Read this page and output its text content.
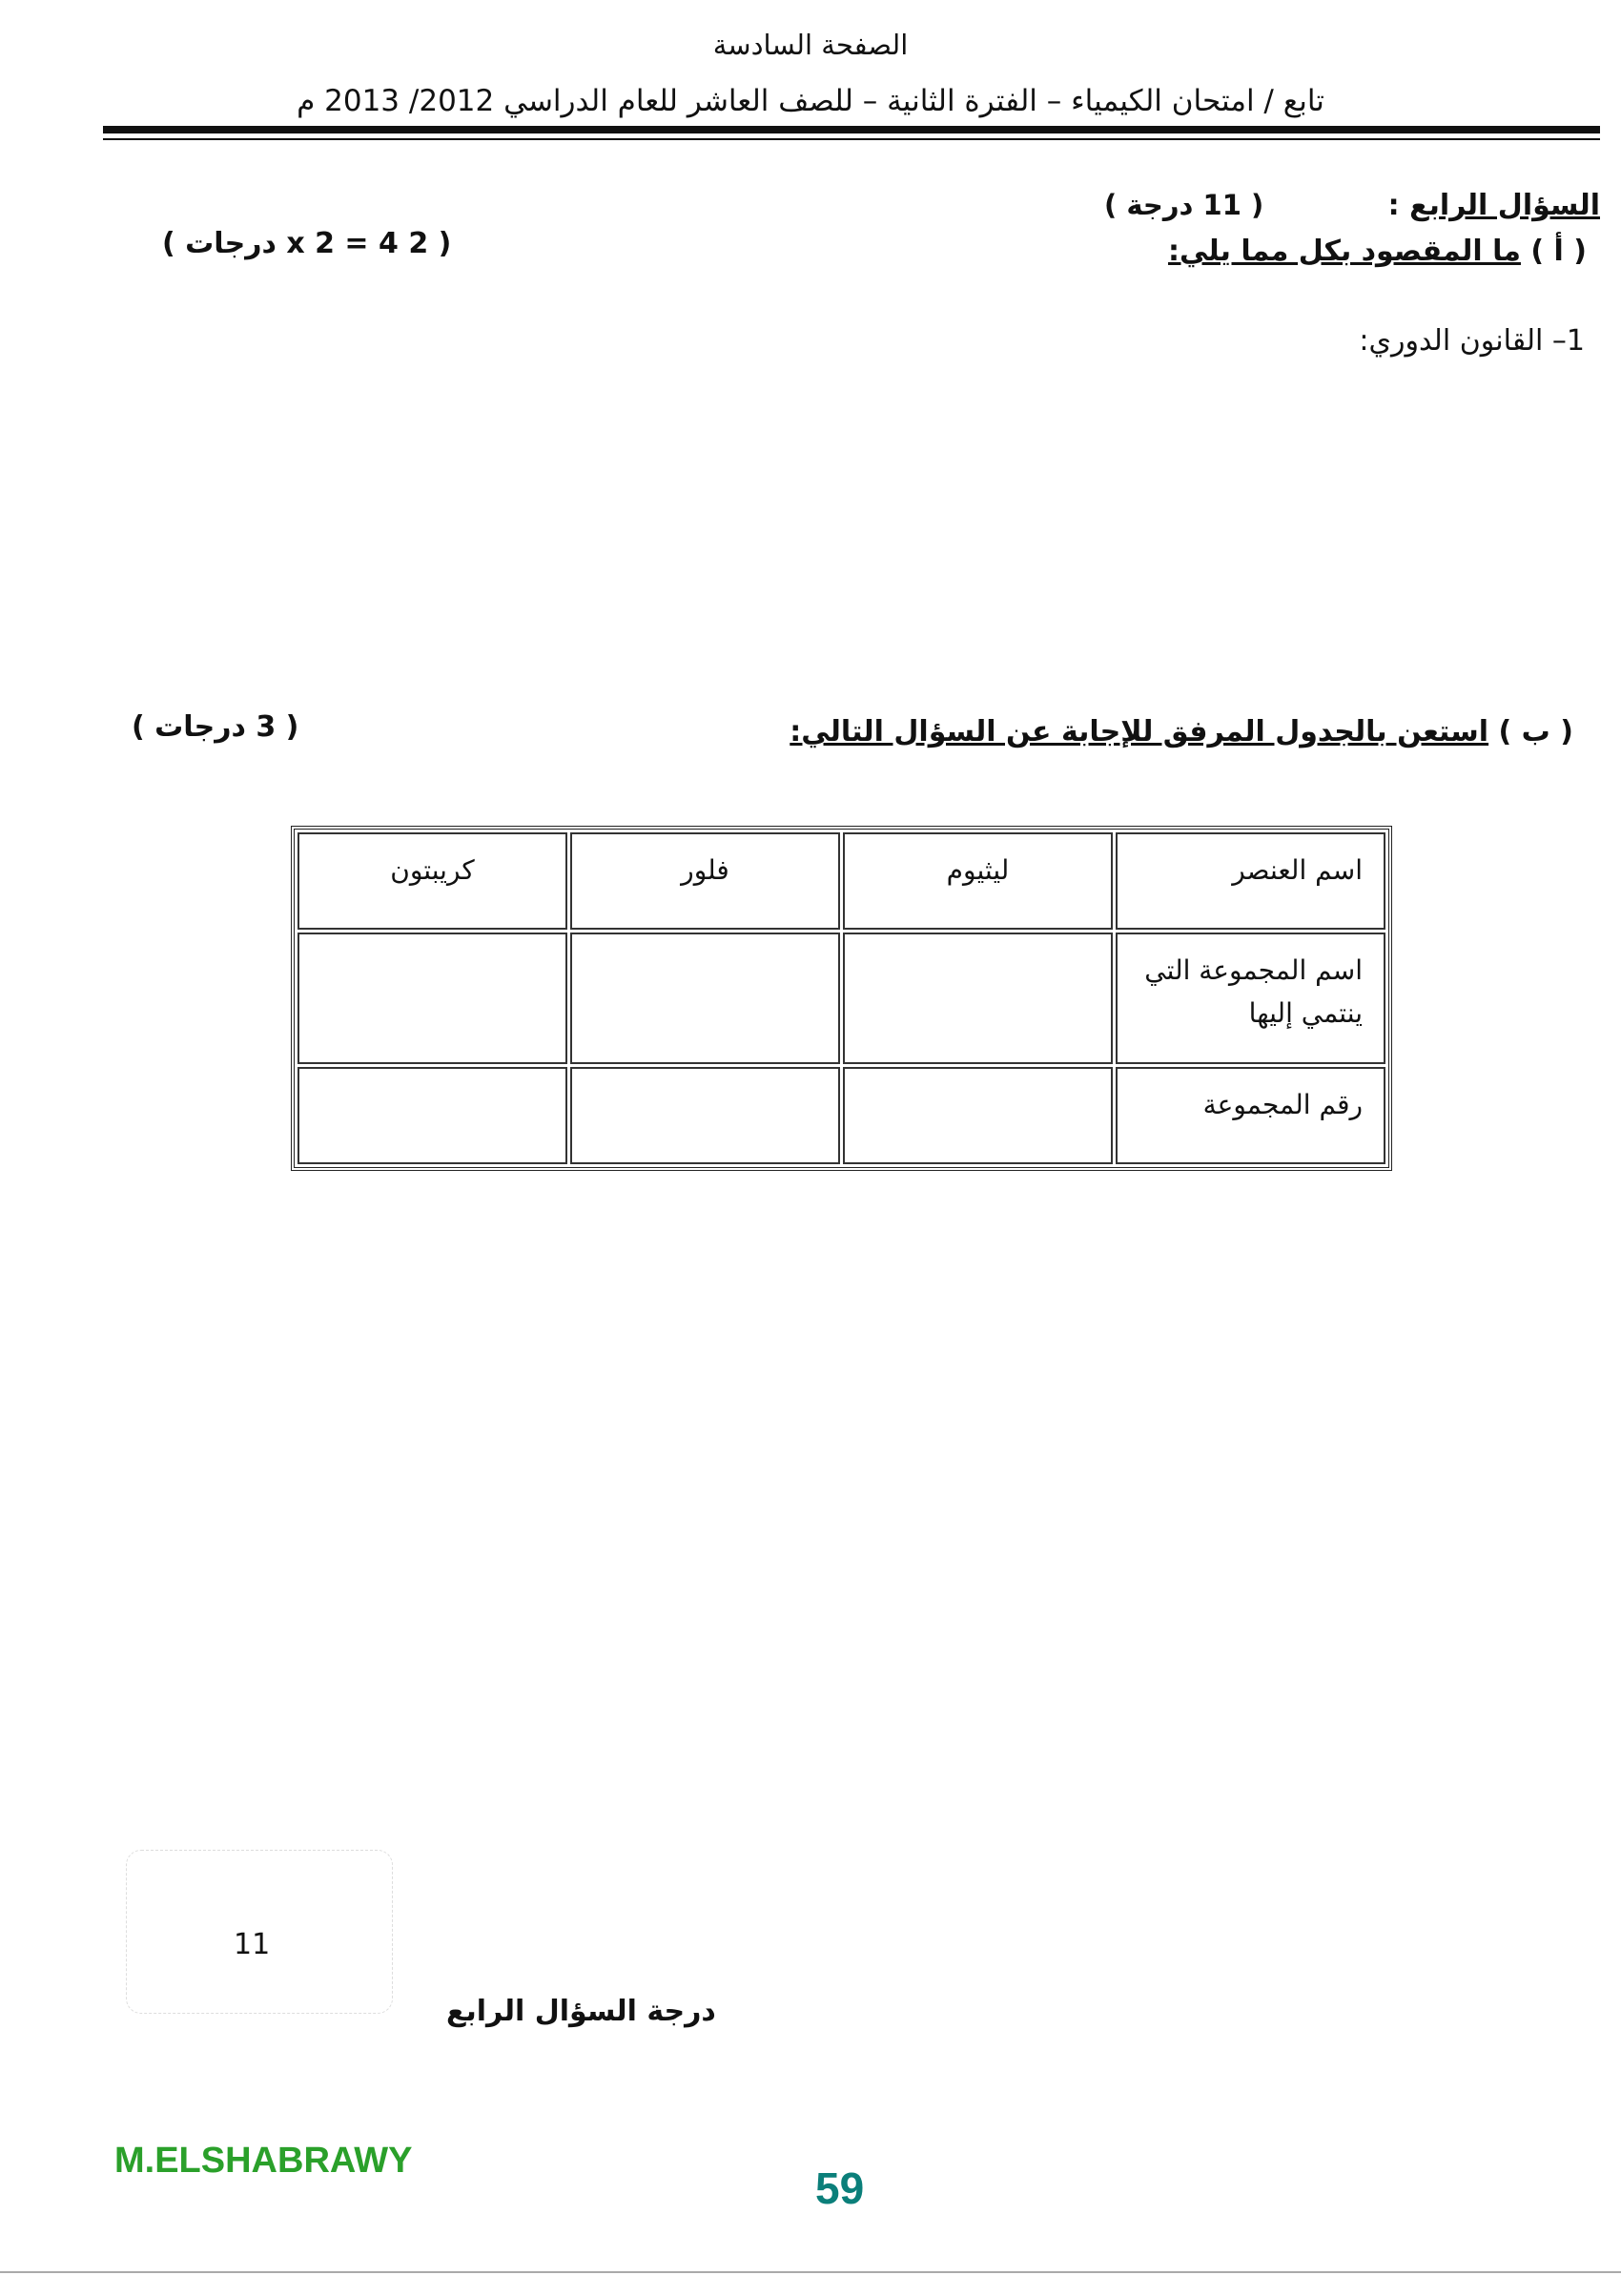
الصفحة السادسة
تابع / امتحان الكيمياء – الفترة الثانية – للصف العاشر للعام الدراسي 2012/ 2013 م
السؤال الرابع :
( 11 درجة )
( أ ) ما المقصود بكل مما يلي:
( 2 x 2 = 4 درجات )
1– القانون الدوري:
( ب ) استعن بالجدول المرفق للإجابة عن السؤال التالي:
( 3 درجات )
اسم العنصر	ليثيوم	فلور	كريبتون
اسم المجموعة التي ينتمي إليها			
رقم المجموعة			
11
درجة السؤال الرابع
M.ELSHABRAWY
59
